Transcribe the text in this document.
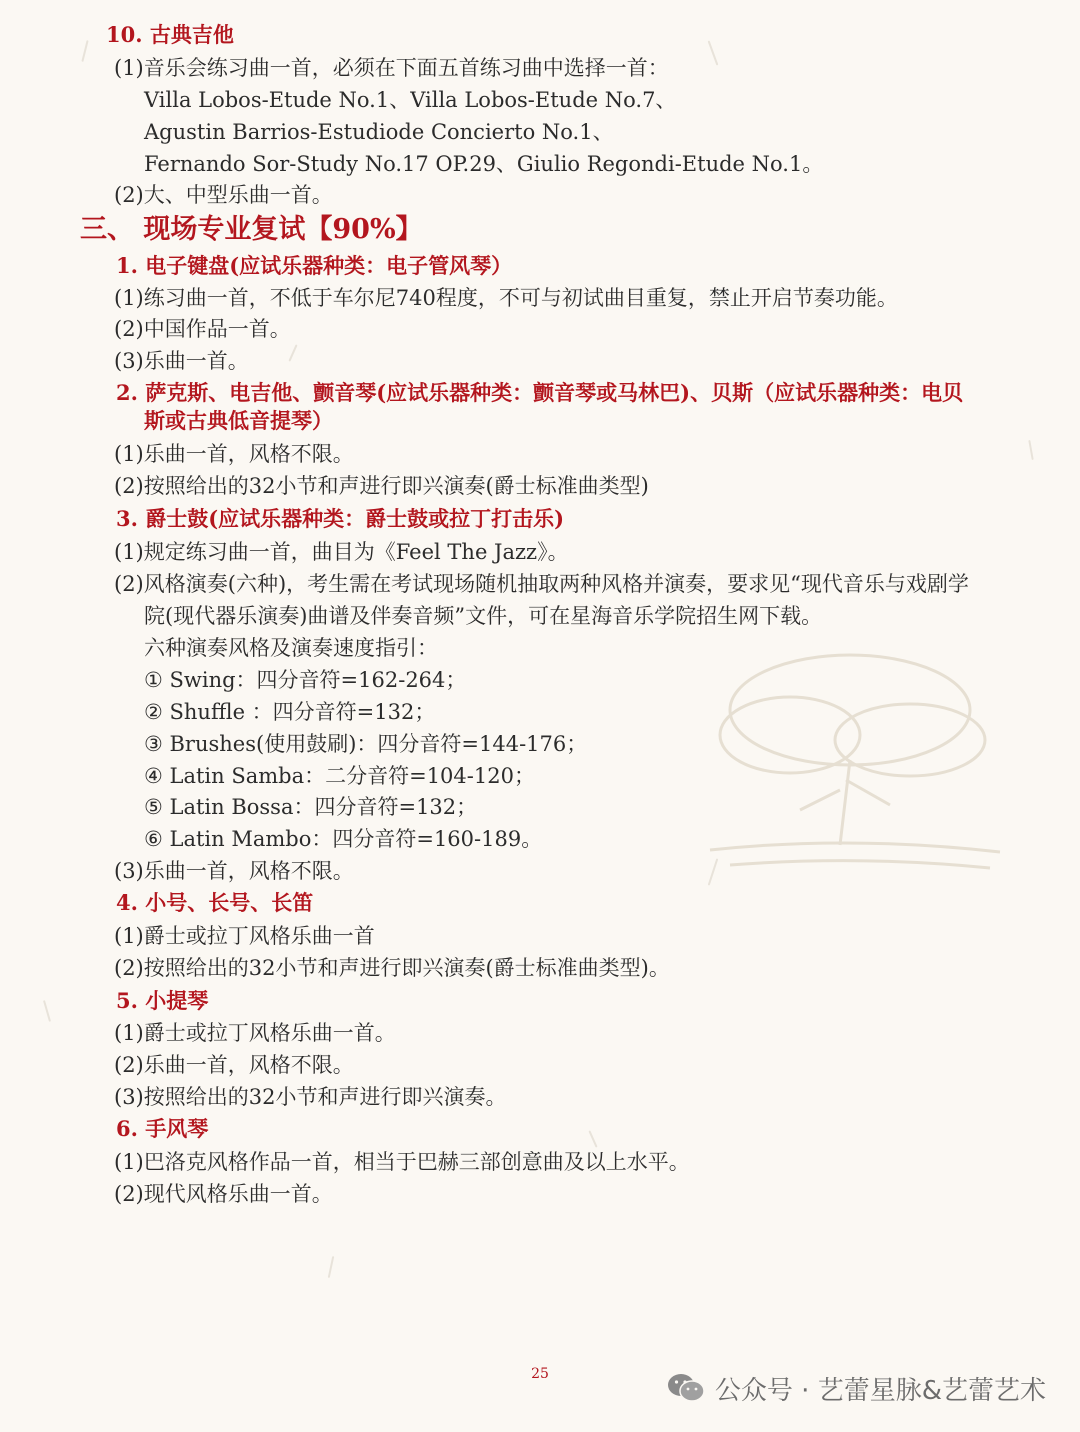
10. 古典吉他
(1)音乐会练习曲一首，必须在下面五首练习曲中选择一首：
Villa Lobos-Etude No.1、Villa Lobos-Etude No.7、
Agustin Barrios-Estudiode Concierto No.1、
Fernando Sor-Study No.17 OP.29、Giulio Regondi-Etude No.1。
(2)大、中型乐曲一首。
三、 现场专业复试【90%】
1. 电子键盘(应试乐器种类：电子管风琴）
(1)练习曲一首，不低于车尔尼740程度，不可与初试曲目重复，禁止开启节奏功能。
(2)中国作品一首。
(3)乐曲一首。
2. 萨克斯、电吉他、颤音琴(应试乐器种类：颤音琴或马林巴)、贝斯（应试乐器种类：电贝
斯或古典低音提琴）
(1)乐曲一首，风格不限。
(2)按照给出的32小节和声进行即兴演奏(爵士标准曲类型)
3. 爵士鼓(应试乐器种类：爵士鼓或拉丁打击乐)
(1)规定练习曲一首，曲目为《Feel The Jazz》。
(2)风格演奏(六种)，考生需在考试现场随机抽取两种风格并演奏，要求见“现代音乐与戏剧学
院(现代器乐演奏)曲谱及伴奏音频”文件，可在星海音乐学院招生网下载。
六种演奏风格及演奏速度指引：
① Swing：四分音符=162-264；
② Shuffle ：四分音符=132；
③ Brushes(使用鼓刷)：四分音符=144-176；
④ Latin Samba：二分音符=104-120；
⑤ Latin Bossa：四分音符=132；
⑥ Latin Mambo：四分音符=160-189。
(3)乐曲一首，风格不限。
4. 小号、长号、长笛
(1)爵士或拉丁风格乐曲一首
(2)按照给出的32小节和声进行即兴演奏(爵士标准曲类型)。
5. 小提琴
(1)爵士或拉丁风格乐曲一首。
(2)乐曲一首，风格不限。
(3)按照给出的32小节和声进行即兴演奏。
6. 手风琴
(1)巴洛克风格作品一首，相当于巴赫三部创意曲及以上水平。
(2)现代风格乐曲一首。
25
公众号 · 艺蕾星脉&艺蕾艺术
